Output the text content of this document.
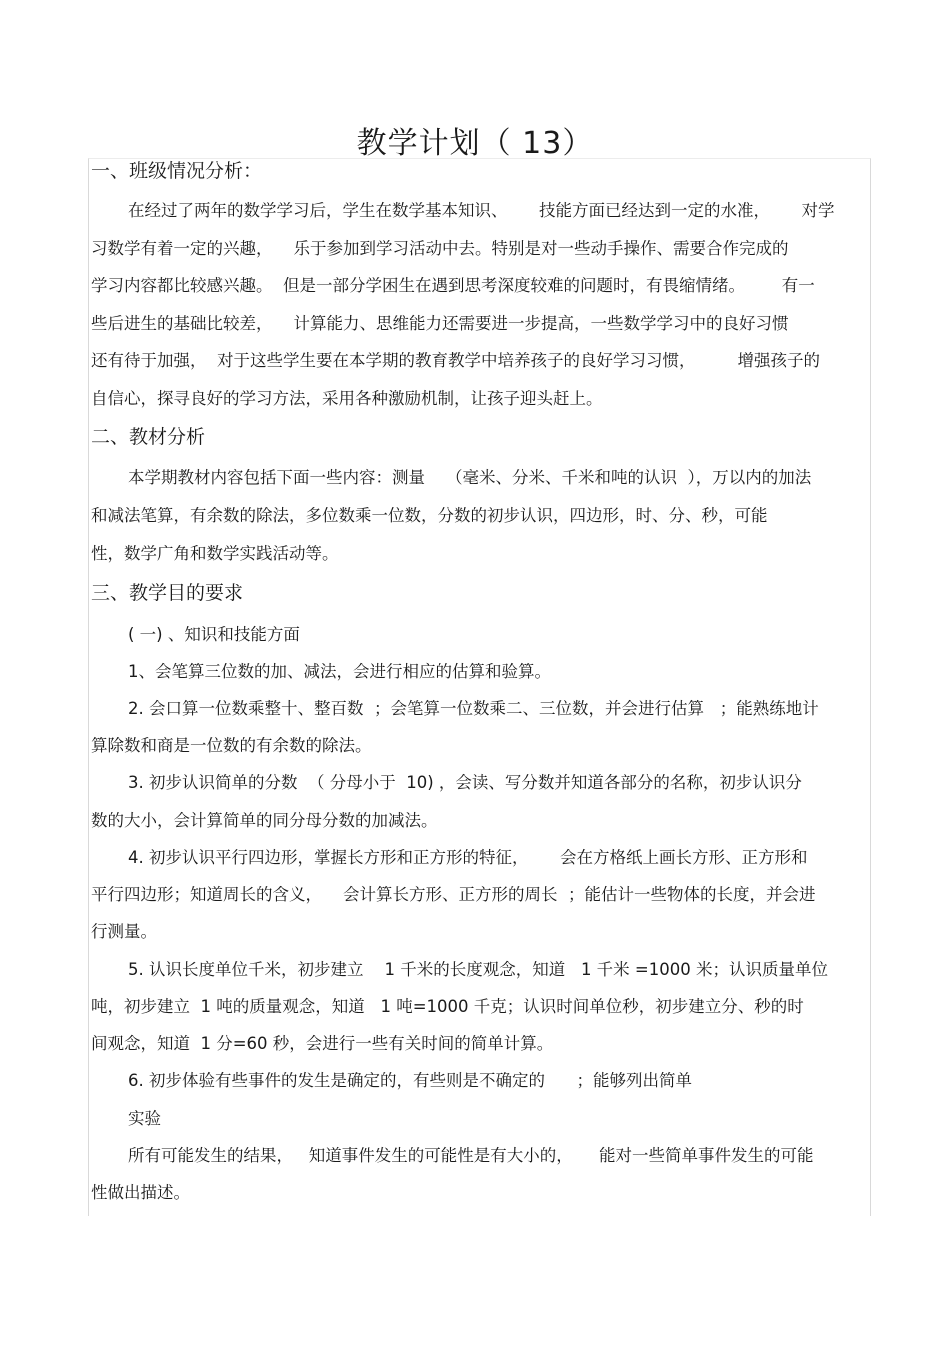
教学计划（ 13）
一、班级情况分析：
在经过了两年的数学学习后，学生在数学基本知识、      技能方面已经达到一定的水准，      对学
习数学有着一定的兴趣，    乐于参加到学习活动中去。特别是对一些动手操作、需要合作完成的
学习内容都比较感兴趣。  但是一部分学困生在遇到思考深度较难的问题时，有畏缩情绪。       有一
些后进生的基础比较差，    计算能力、思维能力还需要进一步提高，一些数学学习中的良好习惯
还有待于加强，  对于这些学生要在本学期的教育教学中培养孩子的良好学习习惯，        增强孩子的
自信心，探寻良好的学习方法，采用各种激励机制，让孩子迎头赶上。
二、教材分析
本学期教材内容包括下面一些内容：测量    （毫米、分米、千米和吨的认识  ），万以内的加法
和减法笔算，有余数的除法，多位数乘一位数，分数的初步认识，四边形，时、分、秒，可能
性，数学广角和数学实践活动等。
三、教学目的要求
( 一) 、知识和技能方面
1、会笔算三位数的加、减法，会进行相应的估算和验算。
2. 会口算一位数乘整十、整百数  ；会笔算一位数乘二、三位数，并会进行估算   ；能熟练地计
算除数和商是一位数的有余数的除法。
3. 初步认识简单的分数  （ 分母小于  10) ，会读、写分数并知道各部分的名称，初步认识分
数的大小，会计算简单的同分母分数的加减法。
4. 初步认识平行四边形，掌握长方形和正方形的特征，      会在方格纸上画长方形、正方形和
平行四边形；知道周长的含义，    会计算长方形、正方形的周长  ；能估计一些物体的长度，并会进
行测量。
5. 认识长度单位千米，初步建立    1 千米的长度观念，知道   1 千米 =1000 米；认识质量单位
吨，初步建立  1 吨的质量观念，知道   1 吨=1000 千克；认识时间单位秒，初步建立分、秒的时
间观念，知道  1 分=60 秒，会进行一些有关时间的简单计算。
6. 初步体验有些事件的发生是确定的，有些则是不确定的      ；能够列出简单
实验
所有可能发生的结果，   知道事件发生的可能性是有大小的，     能对一些简单事件发生的可能
性做出描述。
